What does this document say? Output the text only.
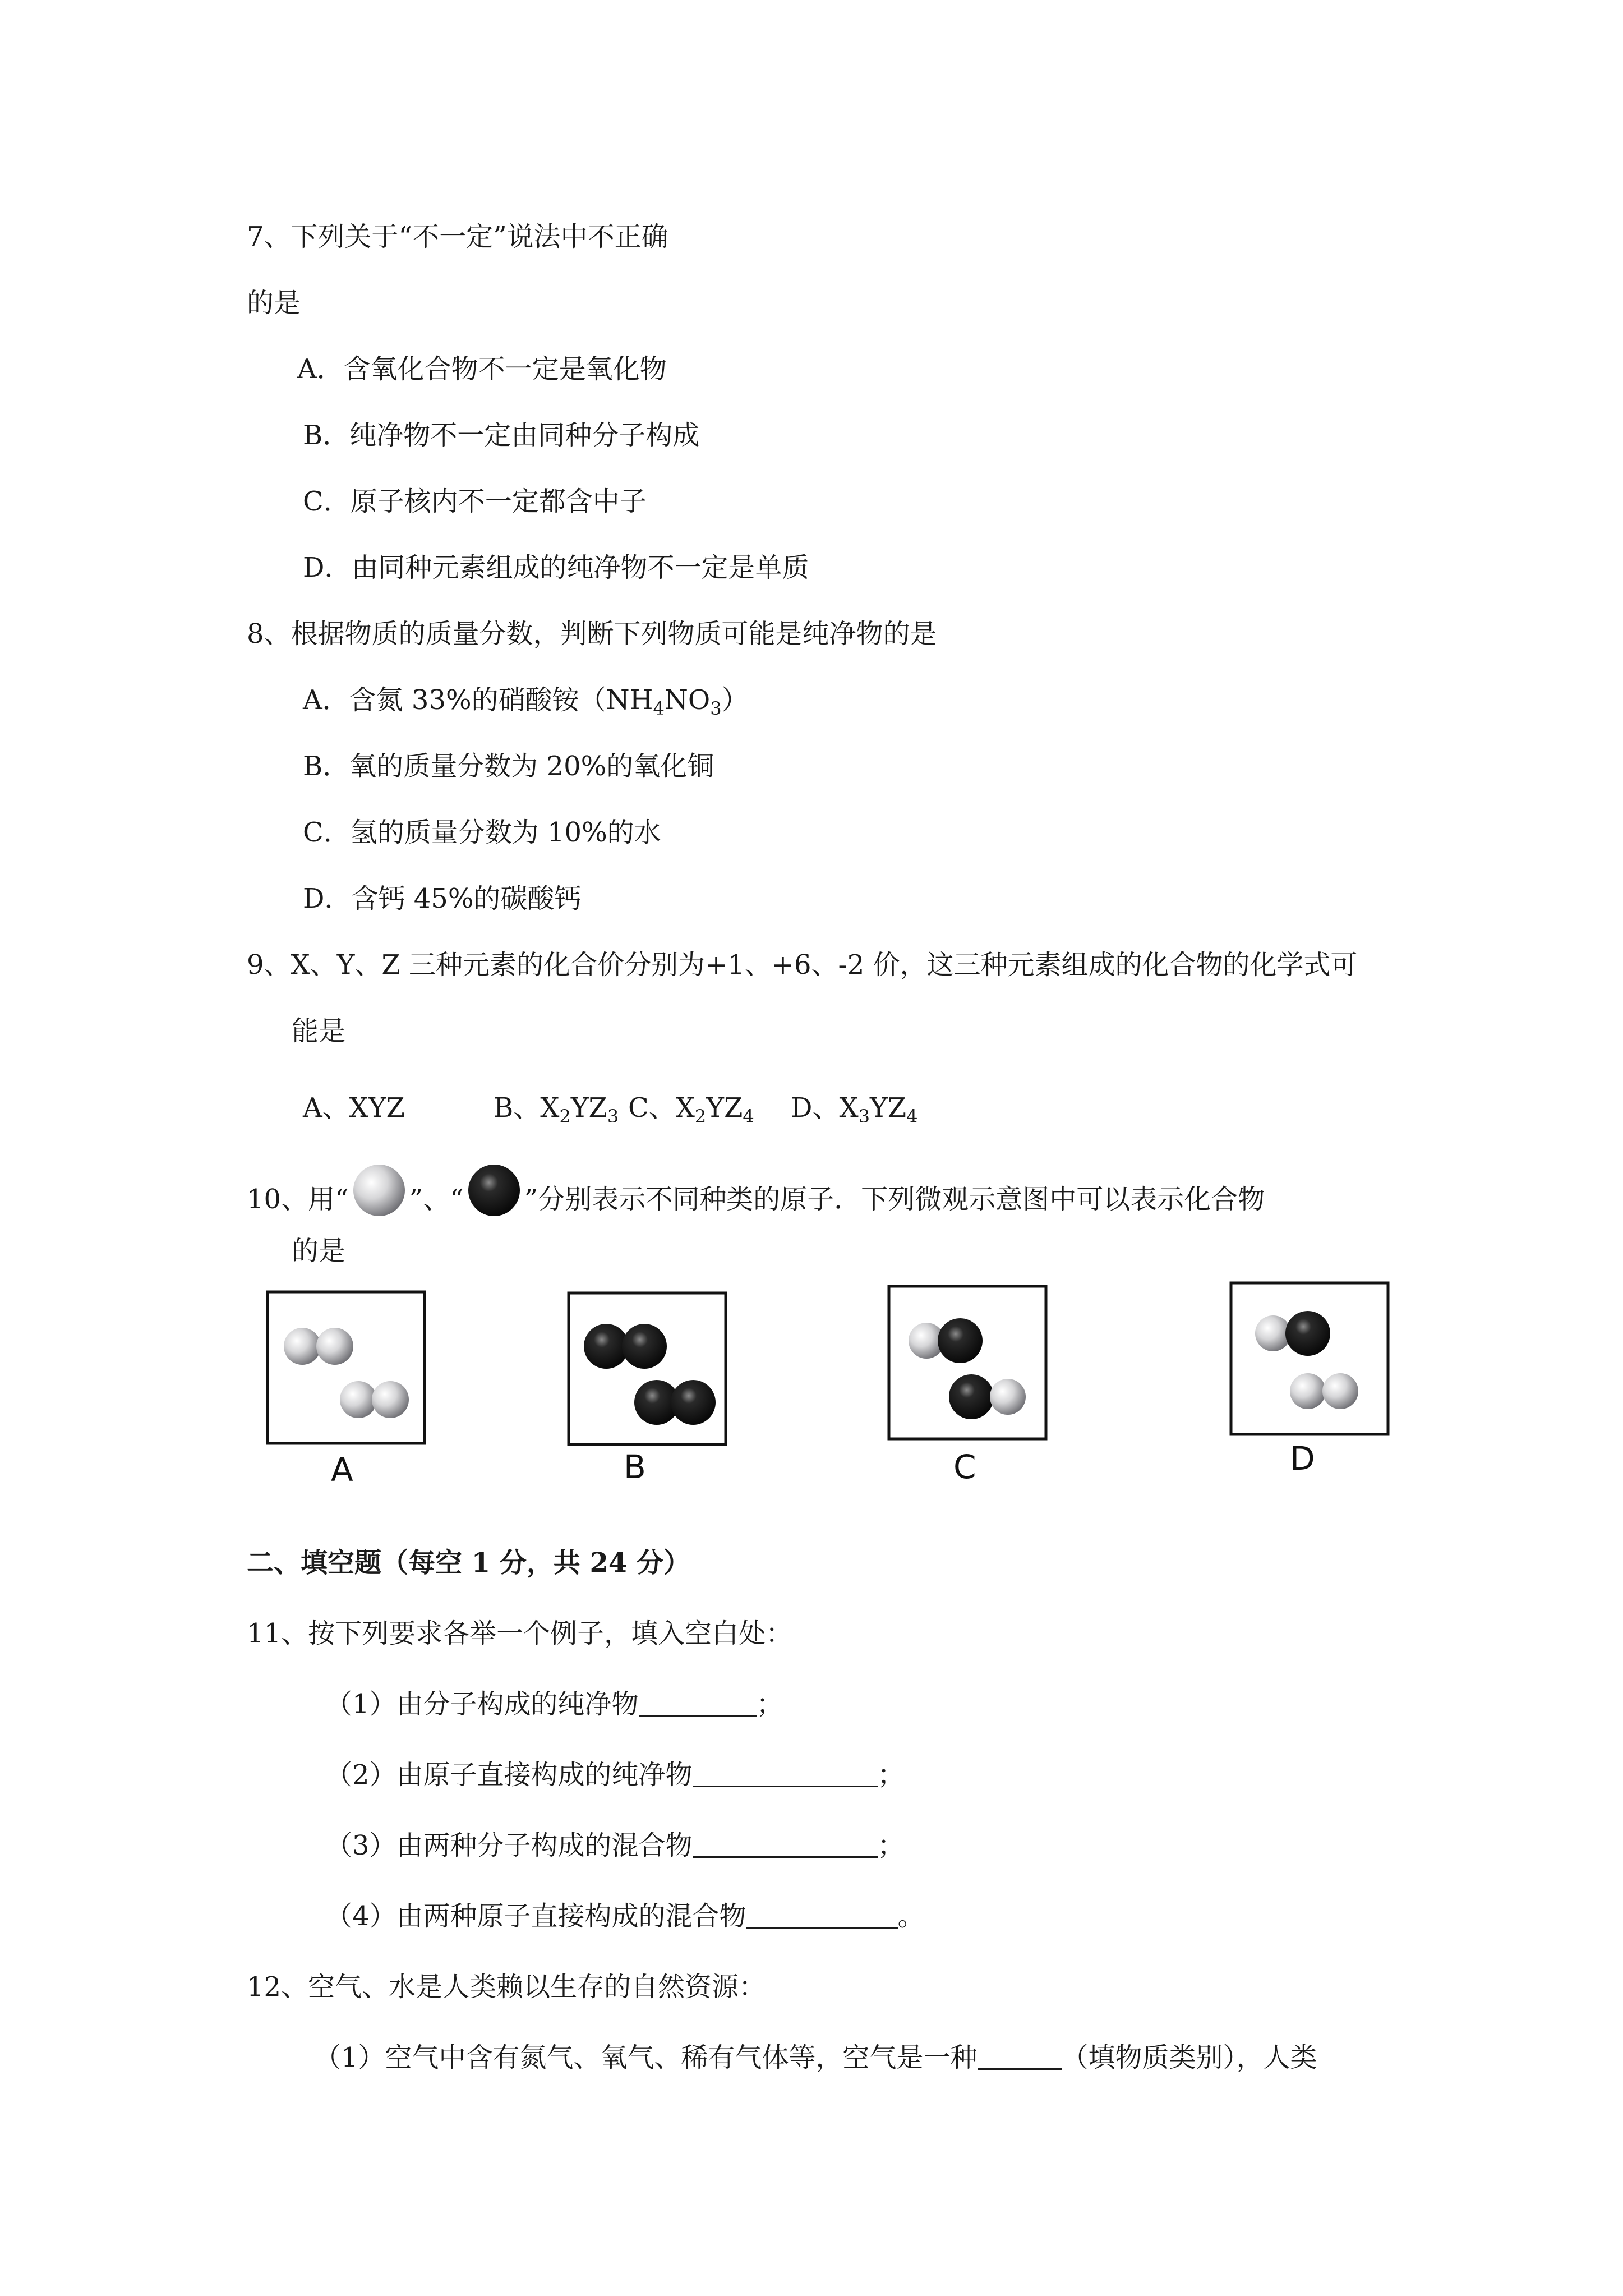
7、下列关于“不一定”说法中不正确
的是
A．含氧化合物不一定是氧化物
B．纯净物不一定由同种分子构成
C．原子核内不一定都含中子
D．由同种元素组成的纯净物不一定是单质
8、根据物质的质量分数，判断下列物质可能是纯净物的是
A．含氮 33%的硝酸铵$(NH_4NO_3)$
B．氧的质量分数为 20%的氧化铜
C．氢的质量分数为 10%的水
D．含钙 45%的碳酸钙
9、X、Y、Z 三种元素的化合价分别为+1、+6、-2 价，这三种元素组成的化合物的化学式可
能是
A、XYZ	B、$X_2YZ_3$ C、$X_2YZ_4$ D、$X_3YZ_4$
10、用“ ”、“ ”分别表示不同种类的原子．下列微观示意图中可以表示化合物
的是
A	B	C	D
二、填空题（每空 1 分，共 24 分）
11、按下列要求各举一个例子，填入空白处：
（1）由分子构成的纯净物	；
（2）由原子直接构成的纯净物	；
（3）由两种分子构成的混合物	；
（4）由两种原子直接构成的混合物	。
12、空气、水是人类赖以生存的自然资源：
（1）空气中含有氮气、氧气、稀有气体等，空气是一种	（填物质类别），人类
